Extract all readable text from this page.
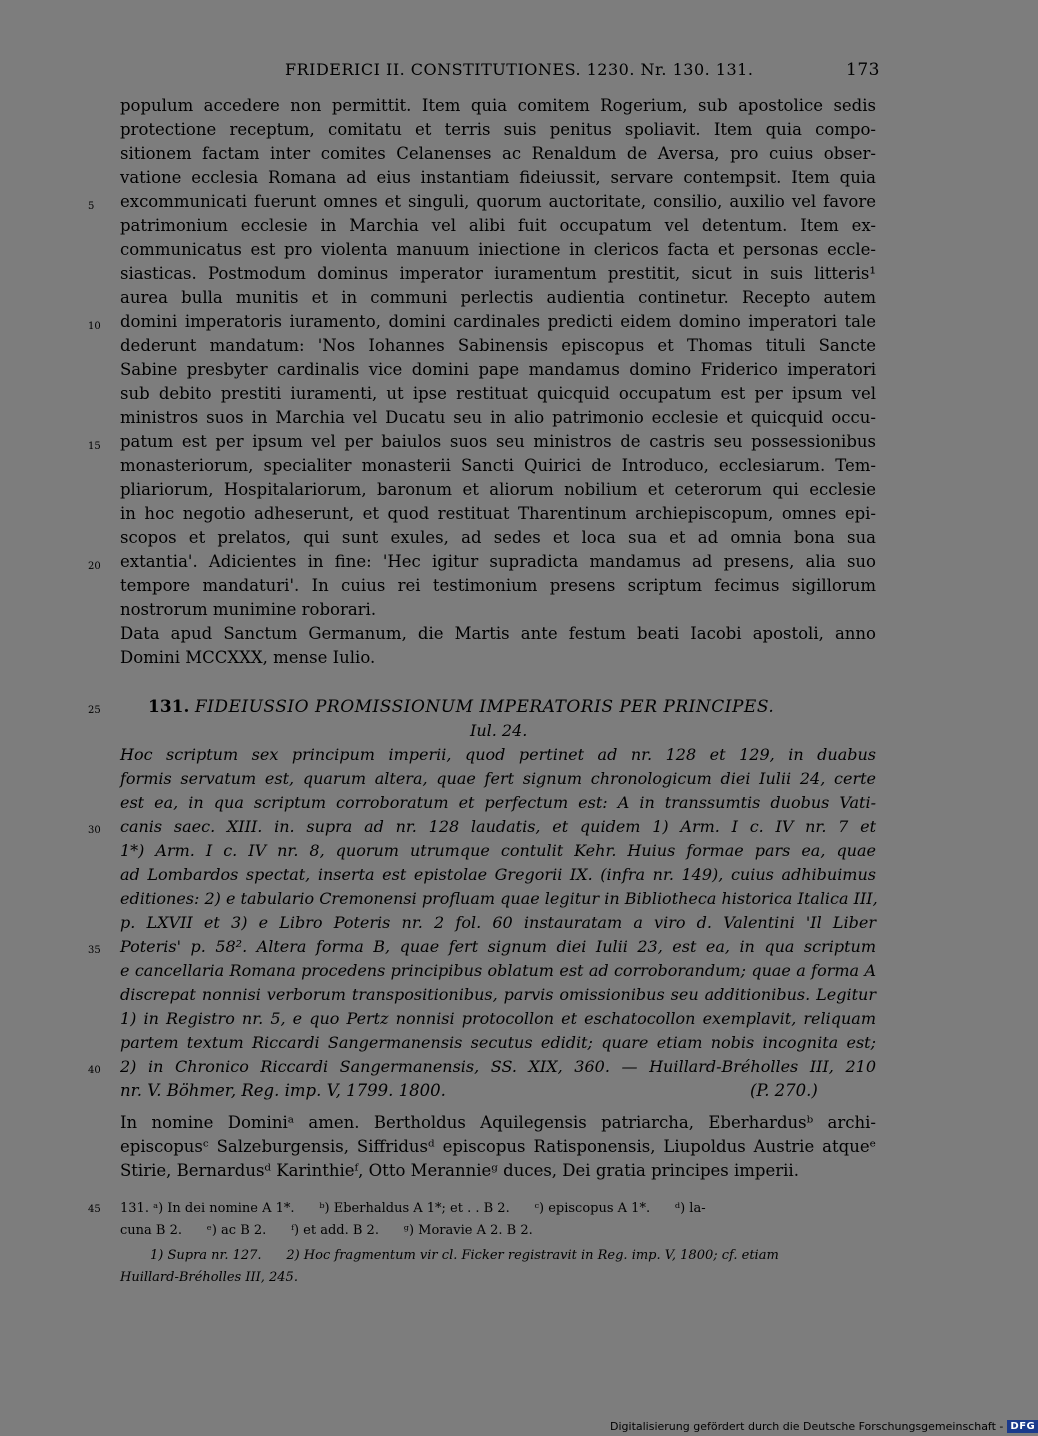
FRIDERICI II. CONSTITUTIONES. 1230. Nr. 130. 131.	173
populum accedere non permittit. Item quia comitem Rogerium, sub apostolice sedis
protectione receptum, comitatu et terris suis penitus spoliavit. Item quia compo-
sitionem factam inter comites Celanenses ac Renaldum de Aversa, pro cuius obser-
vatione ecclesia Romana ad eius instantiam fideiussit, servare contempsit. Item quia
excommunicati fuerunt omnes et singuli, quorum auctoritate, consilio, auxilio vel favore
patrimonium ecclesie in Marchia vel alibi fuit occupatum vel detentum. Item ex-
communicatus est pro violenta manuum iniectione in clericos facta et personas eccle-
siasticas. Postmodum dominus imperator iuramentum prestitit, sicut in suis litteris¹
aurea bulla munitis et in communi perlectis audientia continetur. Recepto autem
domini imperatoris iuramento, domini cardinales predicti eidem domino imperatori tale
dederunt mandatum: 'Nos Iohannes Sabinensis episcopus et Thomas tituli Sancte
Sabine presbyter cardinalis vice domini pape mandamus domino Friderico imperatori
sub debito prestiti iuramenti, ut ipse restituat quicquid occupatum est per ipsum vel
ministros suos in Marchia vel Ducatu seu in alio patrimonio ecclesie et quicquid occu-
patum est per ipsum vel per baiulos suos seu ministros de castris seu possessionibus
monasteriorum, specialiter monasterii Sancti Quirici de Introduco, ecclesiarum. Tem-
pliariorum, Hospitalariorum, baronum et aliorum nobilium et ceterorum qui ecclesie
in hoc negotio adheserunt, et quod restituat Tharentinum archiepiscopum, omnes epi-
scopos et prelatos, qui sunt exules, ad sedes et loca sua et ad omnia bona sua
extantia'. Adicientes in fine: 'Hec igitur supradicta mandamus ad presens, alia suo
tempore mandaturi'. In cuius rei testimonium presens scriptum fecimus sigillorum
nostrorum munimine roborari.
Data apud Sanctum Germanum, die Martis ante festum beati Iacobi apostoli, anno
Domini MCCXXX, mense Iulio.
131. FIDEIUSSIO PROMISSIONUM IMPERATORIS PER PRINCIPES.
Iul. 24.
Hoc scriptum sex principum imperii, quod pertinet ad nr. 128 et 129, in duabus
formis servatum est, quarum altera, quae fert signum chronologicum diei Iulii 24, certe
est ea, in qua scriptum corroboratum et perfectum est: A in transsumtis duobus Vati-
canis saec. XIII. in. supra ad nr. 128 laudatis, et quidem 1) Arm. I c. IV nr. 7 et
1*) Arm. I c. IV nr. 8, quorum utrumque contulit Kehr. Huius formae pars ea, quae
ad Lombardos spectat, inserta est epistolae Gregorii IX. (infra nr. 149), cuius adhibuimus
editiones: 2) e tabulario Cremonensi profluam quae legitur in Bibliotheca historica Italica III,
p. LXVII et 3) e Libro Poteris nr. 2 fol. 60 instauratam a viro d. Valentini 'Il Liber
Poteris' p. 58². Altera forma B, quae fert signum diei Iulii 23, est ea, in qua scriptum
e cancellaria Romana procedens principibus oblatum est ad corroborandum; quae a forma A
discrepat nonnisi verborum transpositionibus, parvis omissionibus seu additionibus. Legitur
1) in Registro nr. 5, e quo Pertz nonnisi protocollon et eschatocollon exemplavit, reliquam
partem textum Riccardi Sangermanensis secutus edidit; quare etiam nobis incognita est;
2) in Chronico Riccardi Sangermanensis, SS. XIX, 360. — Huillard-Bréholles III, 210
nr. V. Böhmer, Reg. imp. V, 1799. 1800.	(P. 270.)
In nomine Dominiᵃ amen. Bertholdus Aquilegensis patriarcha, Eberhardusᵇ archi-
episcopusᶜ Salzeburgensis, Siffridusᵈ episcopus Ratisponensis, Liupoldus Austrie atqueᵉ
Stirie, Bernardusᵈ Karinthieᶠ, Otto Merannieᵍ duces, Dei gratia principes imperii.
131. ᵃ) In dei nomine A 1*.      ᵇ) Eberhaldus A 1*; et . . B 2.      ᶜ) episcopus A 1*.      ᵈ) la-
cuna B 2.      ᵉ) ac B 2.      ᶠ) et add. B 2.      ᵍ) Moravie A 2. B 2.
1) Supra nr. 127.      2) Hoc fragmentum vir cl. Ficker registravit in Reg. imp. V, 1800; cf. etiam
Huillard-Bréholles III, 245.
5
10
15
20
25
30
35
40
45
Digitalisierung gefördert durch die Deutsche Forschungsgemeinschaft - DFG
